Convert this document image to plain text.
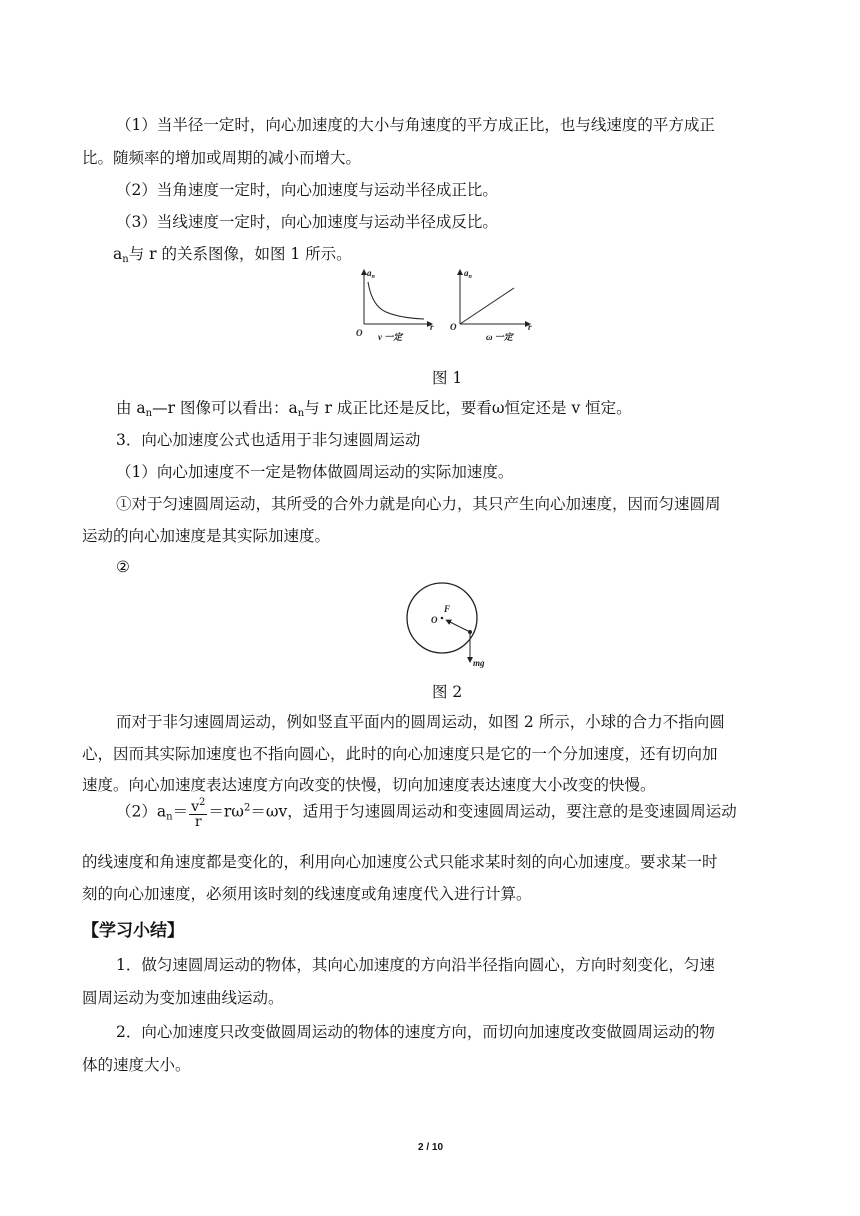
（1）当半径一定时，向心加速度的大小与角速度的平方成正比，也与线速度的平方成正
比。随频率的增加或周期的减小而增大。
（2）当角速度一定时，向心加速度与运动半径成正比。
（3）当线速度一定时，向心加速度与运动半径成反比。
$a_n$与 r 的关系图像，如图 1 所示。
$a_n$
r
O v 一定
$a_n$
r
O
ω 一定
图 1
由 $a_n—r$ 图像可以看出：$a_n$与 r 成正比还是反比，要看ω恒定还是 v 恒定。
3．向心加速度公式也适用于非匀速圆周运动
（1）向心加速度不一定是物体做圆周运动的实际加速度。
①对于匀速圆周运动，其所受的合外力就是向心力，其只产生向心加速度，因而匀速圆周
运动的向心加速度是其实际加速度。
②
O
F
mg
图 2
而对于非匀速圆周运动，例如竖直平面内的圆周运动，如图 2 所示，小球的合力不指向圆
心，因而其实际加速度也不指向圆心，此时的向心加速度只是它的一个分加速度，还有切向加
速度。向心加速度表达速度方向改变的快慢，切向加速度表达速度大小改变的快慢。
$(2)a_n= \frac{v^2}{r} =r\omega^2=\omega v$，适用于匀速圆周运动和变速圆周运动，要注意的是变速圆周运动
的线速度和角速度都是变化的，利用向心加速度公式只能求某时刻的向心加速度。要求某一时
刻的向心加速度，必须用该时刻的线速度或角速度代入进行计算。
【学习小结】
1．做匀速圆周运动的物体，其向心加速度的方向沿半径指向圆心，方向时刻变化，匀速
圆周运动为变加速曲线运动。
2．向心加速度只改变做圆周运动的物体的速度方向，而切向加速度改变做圆周运动的物
体的速度大小。
2 / 10
